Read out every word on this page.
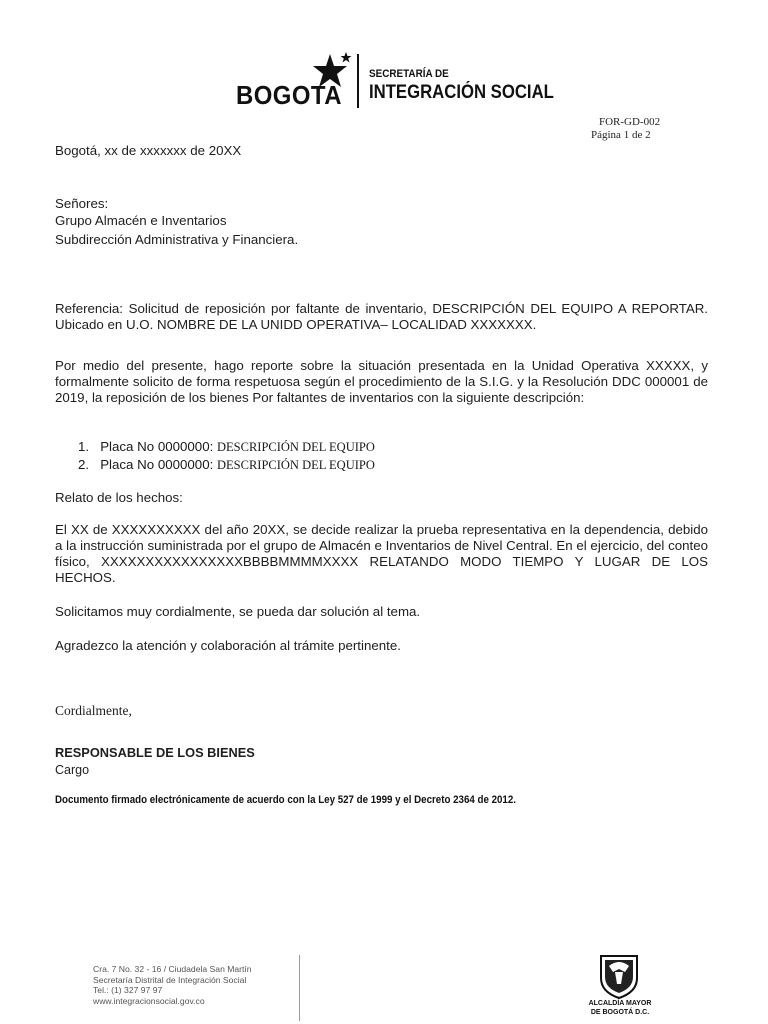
BOGOTA
SECRETARÍA DE
INTEGRACIÓN SOCIAL
FOR-GD-002
Página 1 de 2
Bogotá, xx de xxxxxxx de 20XX
Señores:
Grupo Almacén e Inventarios
Subdirección Administrativa y Financiera.
Referencia: Solicitud de reposición por faltante de inventario, DESCRIPCIÓN DEL EQUIPO A REPORTAR. Ubicado en U.O. NOMBRE DE LA UNIDD OPERATIVA– LOCALIDAD XXXXXXX.
Por medio del presente, hago reporte sobre la situación presentada en la Unidad Operativa XXXXX, y formalmente solicito de forma respetuosa según el procedimiento de la S.I.G. y la Resolución DDC 000001 de 2019, la reposición de los bienes Por faltantes de inventarios con la siguiente descripción:
1. Placa No 0000000: DESCRIPCIÓN DEL EQUIPO
2. Placa No 0000000: DESCRIPCIÓN DEL EQUIPO
Relato de los hechos:
El XX de XXXXXXXXXX del año 20XX, se decide realizar la prueba representativa en la dependencia, debido a la instrucción suministrada por el grupo de Almacén e Inventarios de Nivel Central. En el ejercicio, del conteo físico, XXXXXXXXXXXXXXXXBBBBMMMMXXXX RELATANDO MODO TIEMPO Y LUGAR DE LOS HECHOS.
Solicitamos muy cordialmente, se pueda dar solución al tema.
Agradezco la atención y colaboración al trámite pertinente.
Cordialmente,
RESPONSABLE DE LOS BIENES
Cargo
Documento firmado electrónicamente de acuerdo con la Ley 527 de 1999 y el Decreto 2364 de 2012.
Cra. 7 No. 32 - 16 / Ciudadela San Martín
Secretaría Distrital de Integración Social
Tel.: (1) 327 97 97
www.integracionsocial.gov.co	ALCALDÍA MAYOR
DE BOGOTÁ D.C.
